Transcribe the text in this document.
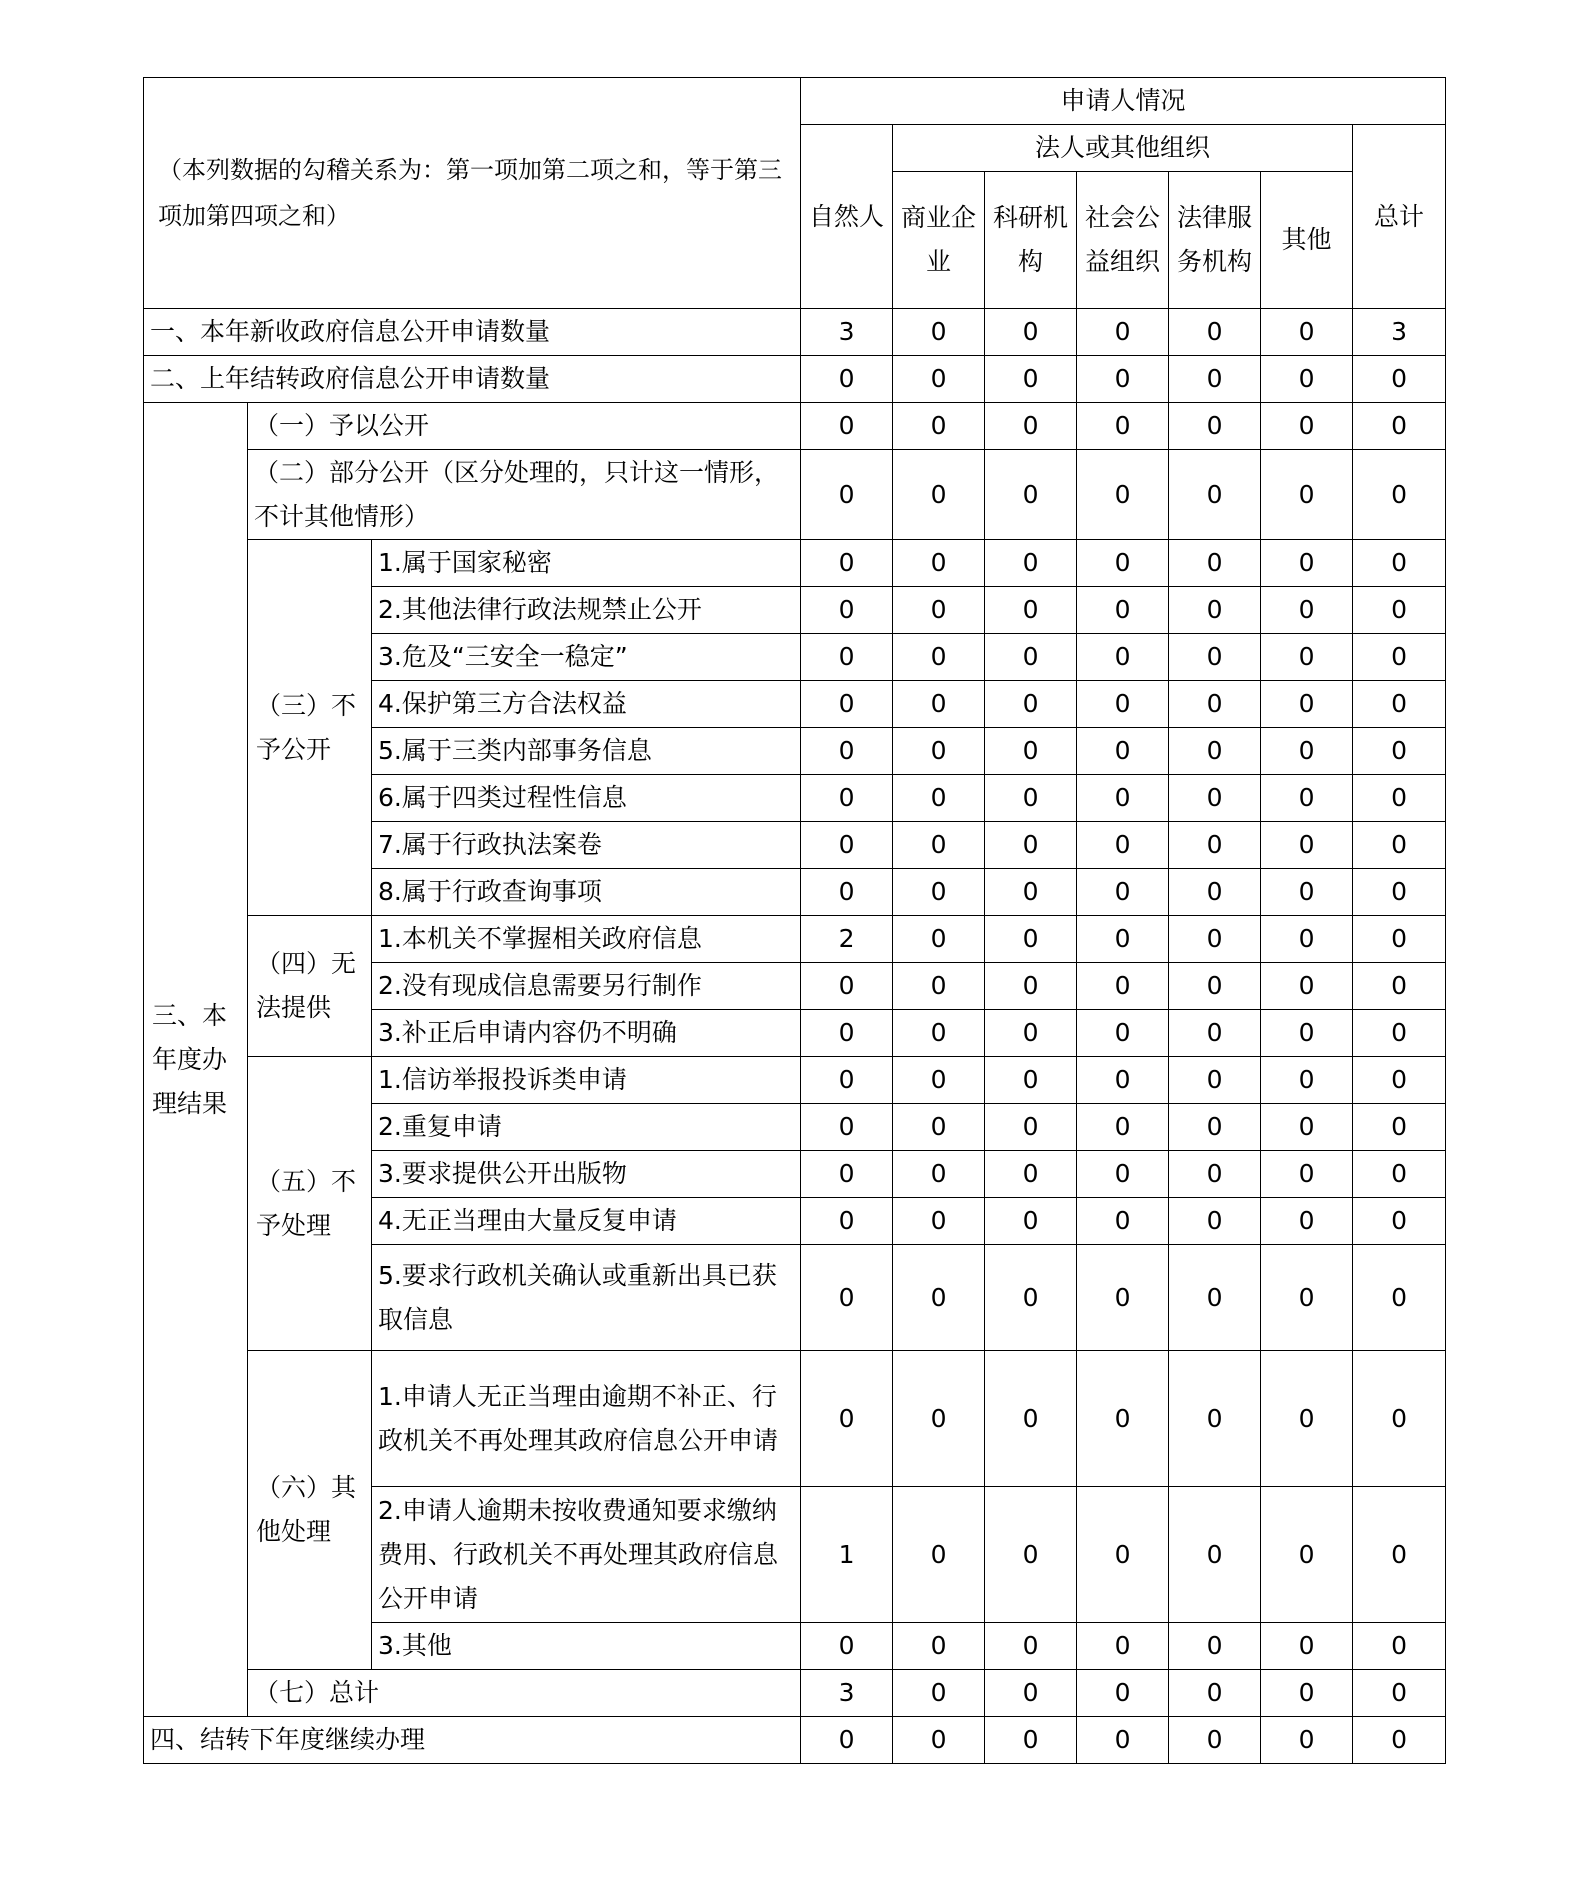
（本列数据的勾稽关系为：第一项加第二项之和，等于第三项加第四项之和）			申请人情况						
			自然人	法人或其他组织					总计
				商业企业	科研机构	社会公益组织	法律服务机构	其他	
一、本年新收政府信息公开申请数量			3	0	0	0	0	0	3
二、上年结转政府信息公开申请数量			0	0	0	0	0	0	0
三、本年度办理结果	（一）予以公开		0	0	0	0	0	0	0
	（二）部分公开（区分处理的，只计这一情形，不计其他情形）		0	0	0	0	0	0	0
	（三）不予公开	1.属于国家秘密	0	0	0	0	0	0	0
		2.其他法律行政法规禁止公开	0	0	0	0	0	0	0
		3.危及“三安全一稳定”	0	0	0	0	0	0	0
		4.保护第三方合法权益	0	0	0	0	0	0	0
		5.属于三类内部事务信息	0	0	0	0	0	0	0
		6.属于四类过程性信息	0	0	0	0	0	0	0
		7.属于行政执法案卷	0	0	0	0	0	0	0
		8.属于行政查询事项	0	0	0	0	0	0	0
	（四）无法提供	1.本机关不掌握相关政府信息	2	0	0	0	0	0	0
		2.没有现成信息需要另行制作	0	0	0	0	0	0	0
		3.补正后申请内容仍不明确	0	0	0	0	0	0	0
	（五）不予处理	1.信访举报投诉类申请	0	0	0	0	0	0	0
		2.重复申请	0	0	0	0	0	0	0
		3.要求提供公开出版物	0	0	0	0	0	0	0
		4.无正当理由大量反复申请	0	0	0	0	0	0	0
		5.要求行政机关确认或重新出具已获取信息	0	0	0	0	0	0	0
	（六）其他处理	1.申请人无正当理由逾期不补正、行政机关不再处理其政府信息公开申请	0	0	0	0	0	0	0
		2.申请人逾期未按收费通知要求缴纳费用、行政机关不再处理其政府信息公开申请	1	0	0	0	0	0	0
		3.其他	0	0	0	0	0	0	0
	（七）总计		3	0	0	0	0	0	0
四、结转下年度继续办理			0	0	0	0	0	0	0
